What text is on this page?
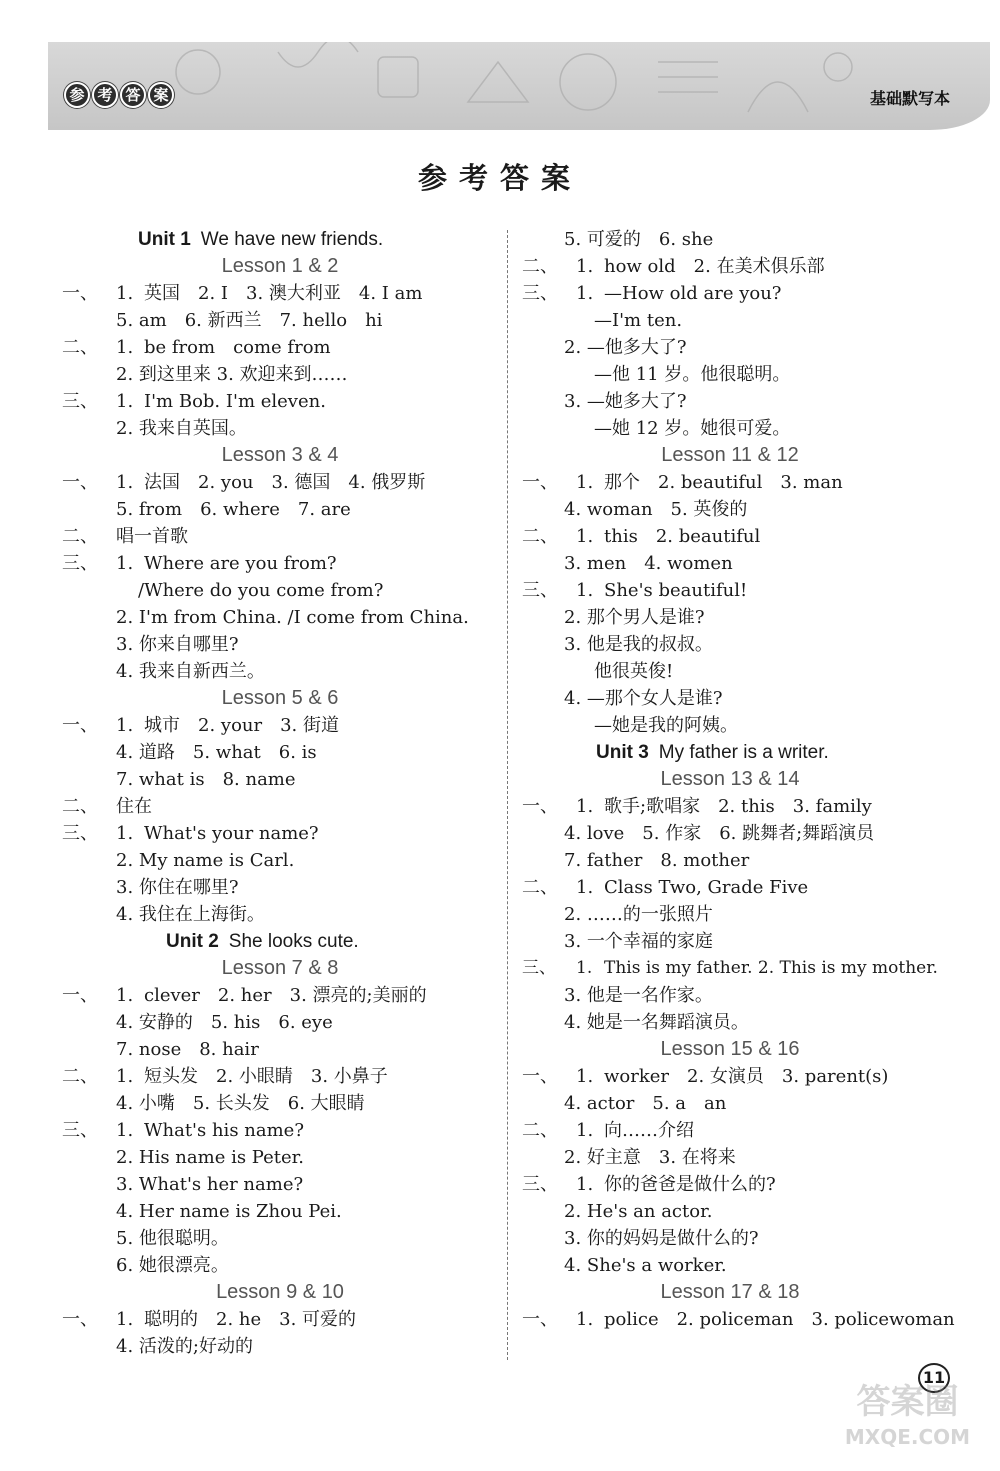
参 考 答 案	基础默写本
参考答案
Unit 1 We have new friends.
Lesson 1 & 2
一、 1. 英国　2. I　3. 澳大利亚　4. I am
5. am　6. 新西兰　7. hello　hi
二、 1. be from　come from
2. 到这里来 3. 欢迎来到……
三、 1. I'm Bob. I'm eleven.
2. 我来自英国。
Lesson 3 & 4
一、 1. 法国　2. you　3. 德国　4. 俄罗斯
5. from　6. where　7. are
二、 唱一首歌
三、 1. Where are you from?
/Where do you come from?
2. I'm from China. /I come from China.
3. 你来自哪里?
4. 我来自新西兰。
Lesson 5 & 6
一、 1. 城市　2. your　3. 街道
4. 道路　5. what　6. is
7. what is　8. name
二、 住在
三、 1. What's your name?
2. My name is Carl.
3. 你住在哪里?
4. 我住在上海街。
Unit 2 She looks cute.
Lesson 7 & 8
一、 1. clever　2. her　3. 漂亮的;美丽的
4. 安静的　5. his　6. eye
7. nose　8. hair
二、 1. 短头发　2. 小眼睛　3. 小鼻子
4. 小嘴　5. 长头发　6. 大眼睛
三、 1. What's his name?
2. His name is Peter.
3. What's her name?
4. Her name is Zhou Pei.
5. 他很聪明。
6. 她很漂亮。
Lesson 9 & 10
一、 1. 聪明的　2. he　3. 可爱的
4. 活泼的;好动的
5. 可爱的　6. she
二、 1. how old　2. 在美术俱乐部
三、 1. —How old are you?
—I'm ten.
2. —他多大了?
—他 11 岁。他很聪明。
3. —她多大了?
—她 12 岁。她很可爱。
Lesson 11 & 12
一、 1. 那个　2. beautiful　3. man
4. woman　5. 英俊的
二、 1. this　2. beautiful
3. men　4. women
三、 1. She's beautiful!
2. 那个男人是谁?
3. 他是我的叔叔。
他很英俊!
4. —那个女人是谁?
—她是我的阿姨。
Unit 3 My father is a writer.
Lesson 13 & 14
一、 1. 歌手;歌唱家　2. this　3. family
4. love　5. 作家　6. 跳舞者;舞蹈演员
7. father　8. mother
二、 1. Class Two, Grade Five
2. ……的一张照片
3. 一个幸福的家庭
三、 1. This is my father. 2. This is my mother.
3. 他是一名作家。
4. 她是一名舞蹈演员。
Lesson 15 & 16
一、 1. worker　2. 女演员　3. parent(s)
4. actor　5. a　an
二、 1. 向……介绍
2. 好主意　3. 在将来
三、 1. 你的爸爸是做什么的?
2. He's an actor.
3. 你的妈妈是做什么的?
4. She's a worker.
Lesson 17 & 18
一、 1. police　2. policeman　3. policewoman
11
答案圈
MXQE.COM
